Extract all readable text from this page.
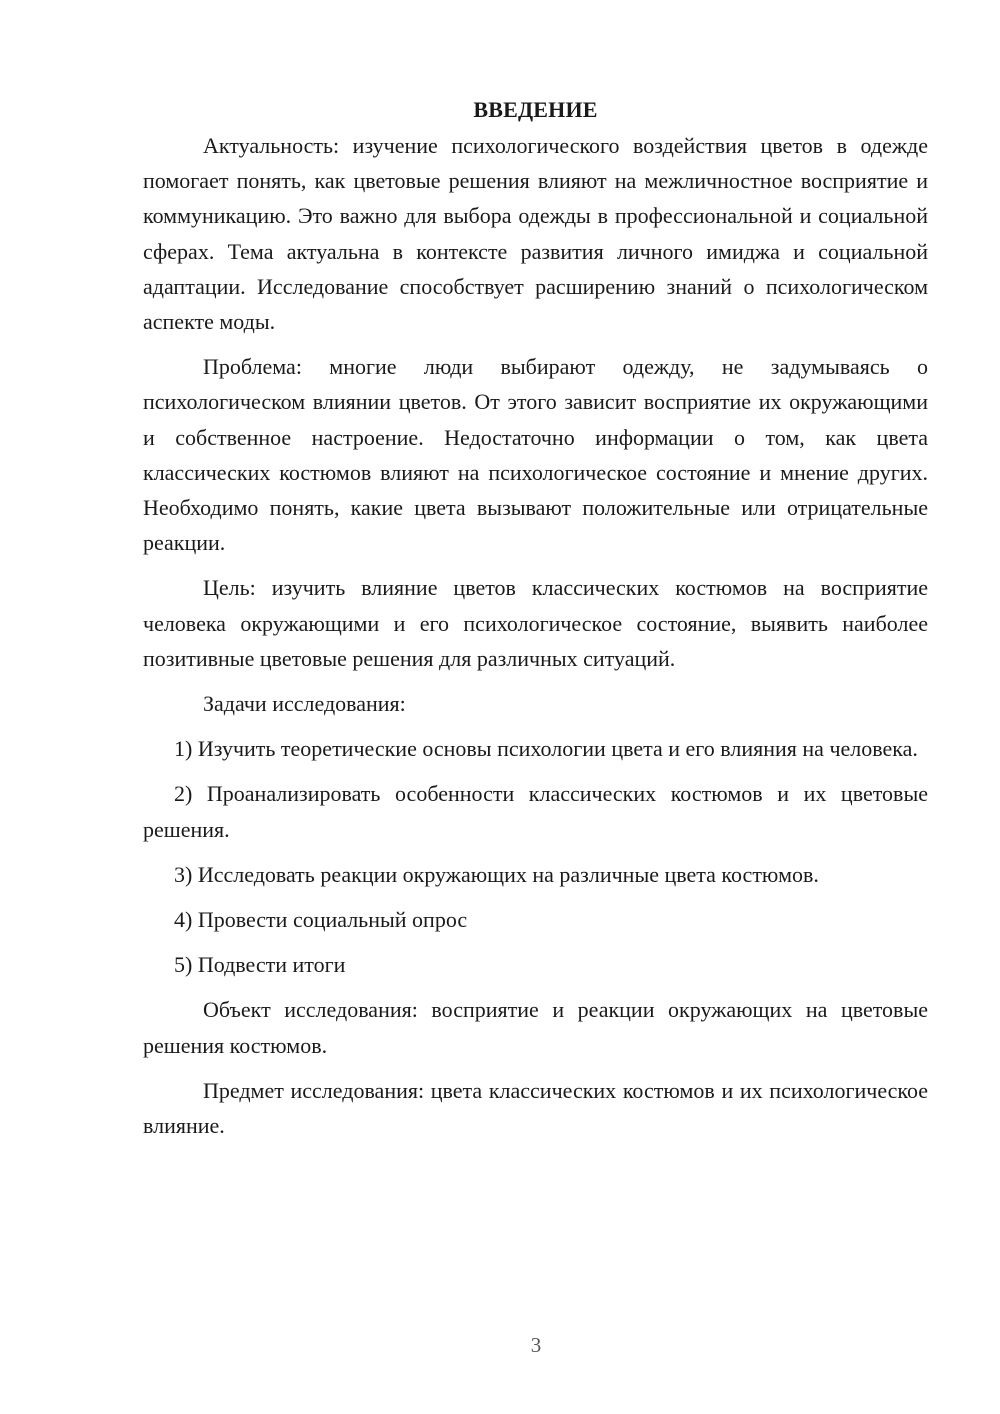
ВВЕДЕНИЕ

Актуальность: изучение психологического воздействия цветов в одежде помогает понять, как цветовые решения влияют на межличностное восприятие и коммуникацию. Это важно для выбора одежды в профессиональной и социальной сферах. Тема актуальна в контексте развития личного имиджа и социальной адаптации. Исследование способствует расширению знаний о психологическом аспекте моды.

Проблема: многие люди выбирают одежду, не задумываясь о психологическом влиянии цветов. От этого зависит восприятие их окружающими и собственное настроение. Недостаточно информации о том, как цвета классических костюмов влияют на психологическое состояние и мнение других. Необходимо понять, какие цвета вызывают положительные или отрицательные реакции.

Цель: изучить влияние цветов классических костюмов на восприятие человека окружающими и его психологическое состояние, выявить наиболее позитивные цветовые решения для различных ситуаций.

Задачи исследования:

1) Изучить теоретические основы психологии цвета и его влияния на человека.

2) Проанализировать особенности классических костюмов и их цветовые решения.

3) Исследовать реакции окружающих на различные цвета костюмов.

4) Провести социальный опрос

5) Подвести итоги

Объект исследования: восприятие и реакции окружающих на цветовые решения костюмов.

Предмет исследования: цвета классических костюмов и их психологическое влияние.

3
